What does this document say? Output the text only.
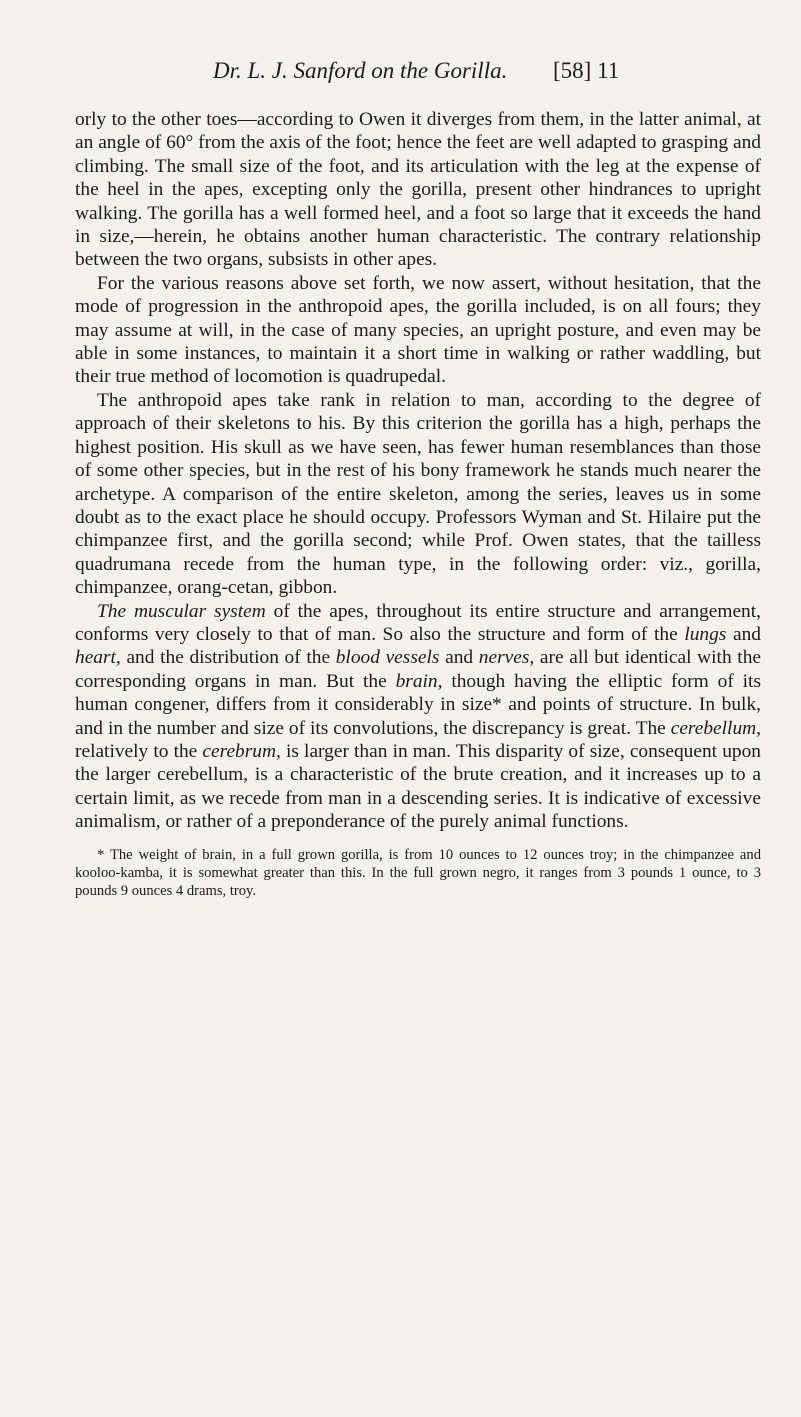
Dr. L. J. Sanford on the Gorilla. [58] 11

orly to the other toes—according to Owen it diverges from them, in the latter animal, at an angle of 60° from the axis of the foot; hence the feet are well adapted to grasping and climbing. The small size of the foot, and its articulation with the leg at the expense of the heel in the apes, excepting only the gorilla, present other hindrances to upright walking. The gorilla has a well formed heel, and a foot so large that it exceeds the hand in size,—herein, he obtains another human characteristic. The contrary relationship between the two organs, subsists in other apes.

For the various reasons above set forth, we now assert, without hesitation, that the mode of progression in the anthropoid apes, the gorilla included, is on all fours; they may assume at will, in the case of many species, an upright posture, and even may be able in some instances, to maintain it a short time in walking or rather waddling, but their true method of locomotion is quadrupedal.

The anthropoid apes take rank in relation to man, according to the degree of approach of their skeletons to his. By this criterion the gorilla has a high, perhaps the highest position. His skull as we have seen, has fewer human resemblances than those of some other species, but in the rest of his bony framework he stands much nearer the archetype. A comparison of the entire skeleton, among the series, leaves us in some doubt as to the exact place he should occupy. Professors Wyman and St. Hilaire put the chimpanzee first, and the gorilla second; while Prof. Owen states, that the tailless quadrumana recede from the human type, in the following order: viz., gorilla, chimpanzee, orang-cetan, gibbon.

The muscular system of the apes, throughout its entire structure and arrangement, conforms very closely to that of man. So also the structure and form of the lungs and heart, and the distribution of the blood vessels and nerves, are all but identical with the corresponding organs in man. But the brain, though having the elliptic form of its human congener, differs from it considerably in size* and points of structure. In bulk, and in the number and size of its convolutions, the discrepancy is great. The cerebellum, relatively to the cerebrum, is larger than in man. This disparity of size, consequent upon the larger cerebellum, is a characteristic of the brute creation, and it increases up to a certain limit, as we recede from man in a descending series. It is indicative of excessive animalism, or rather of a preponderance of the purely animal functions.

* The weight of brain, in a full grown gorilla, is from 10 ounces to 12 ounces troy; in the chimpanzee and kooloo-kamba, it is somewhat greater than this. In the full grown negro, it ranges from 3 pounds 1 ounce, to 3 pounds 9 ounces 4 drams, troy.
